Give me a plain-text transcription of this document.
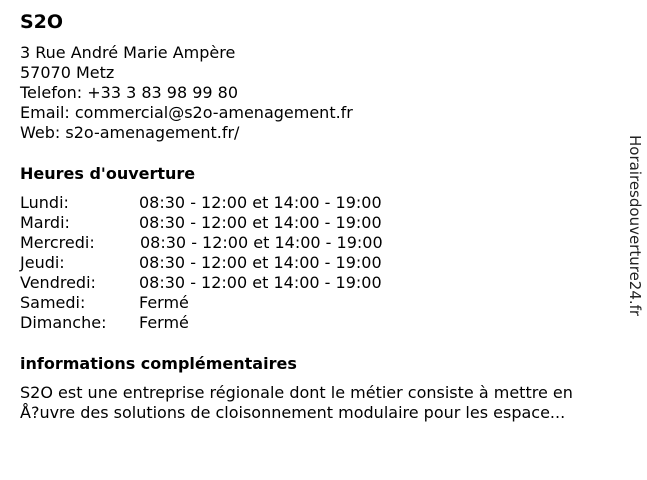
S2O
3 Rue André Marie Ampère
57070 Metz
Telefon: +33 3 83 98 99 80
Email: commercial@s2o-amenagement.fr
Web: s2o-amenagement.fr/
Heures d'ouverture
Lundi:	08:30 - 12:00 et 14:00 - 19:00
Mardi:	08:30 - 12:00 et 14:00 - 19:00
Mercredi:	08:30 - 12:00 et 14:00 - 19:00
Jeudi:	08:30 - 12:00 et 14:00 - 19:00
Vendredi:	08:30 - 12:00 et 14:00 - 19:00
Samedi:	Fermé
Dimanche:	Fermé
informations complémentaires
S2O est une entreprise régionale dont le métier consiste à mettre en
Å?uvre des solutions de cloisonnement modulaire pour les espace...
Horairesdouverture24.fr
